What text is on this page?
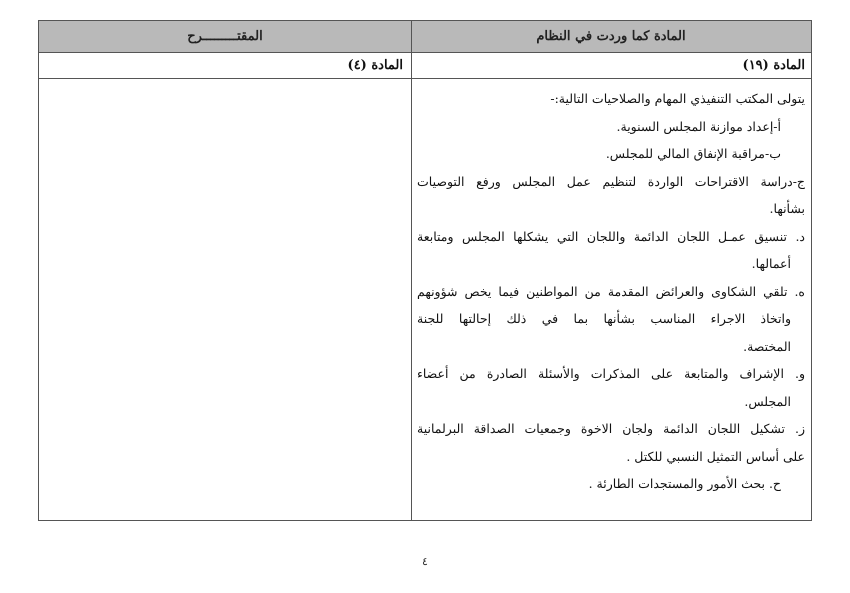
المادة كما وردت في النظام
المقتـــــــــرح
المادة (١٩)
المادة (٤)
يتولى المكتب التنفيذي المهام والصلاحيات التالية:-
أ-إعداد موازنة المجلس السنوية.
ب-مراقبة الإنفاق المالي للمجلس.
ج-دراسة الاقتراحات الواردة لتنظيم عمل المجلس ورفع التوصيات
بشأنها.
د. تنسيق عمـل اللجان الدائمة واللجان التي يشكلها المجلس ومتابعة
أعمالها.
ه. تلقي الشكاوى والعرائض المقدمة من المواطنين فيما يخص شؤونهم
واتخاذ الاجراء المناسب بشأنها بما في ذلك إحالتها للجنة
المختصة.
و. الإشراف والمتابعة على المذكرات والأسئلة الصادرة من أعضاء
المجلس.
ز. تشكيل اللجان الدائمة ولجان الاخوة وجمعيات الصداقة البرلمانية
على أساس التمثيل النسبي للكتل .
ح. بحث الأمور والمستجدات الطارئة .
٤
